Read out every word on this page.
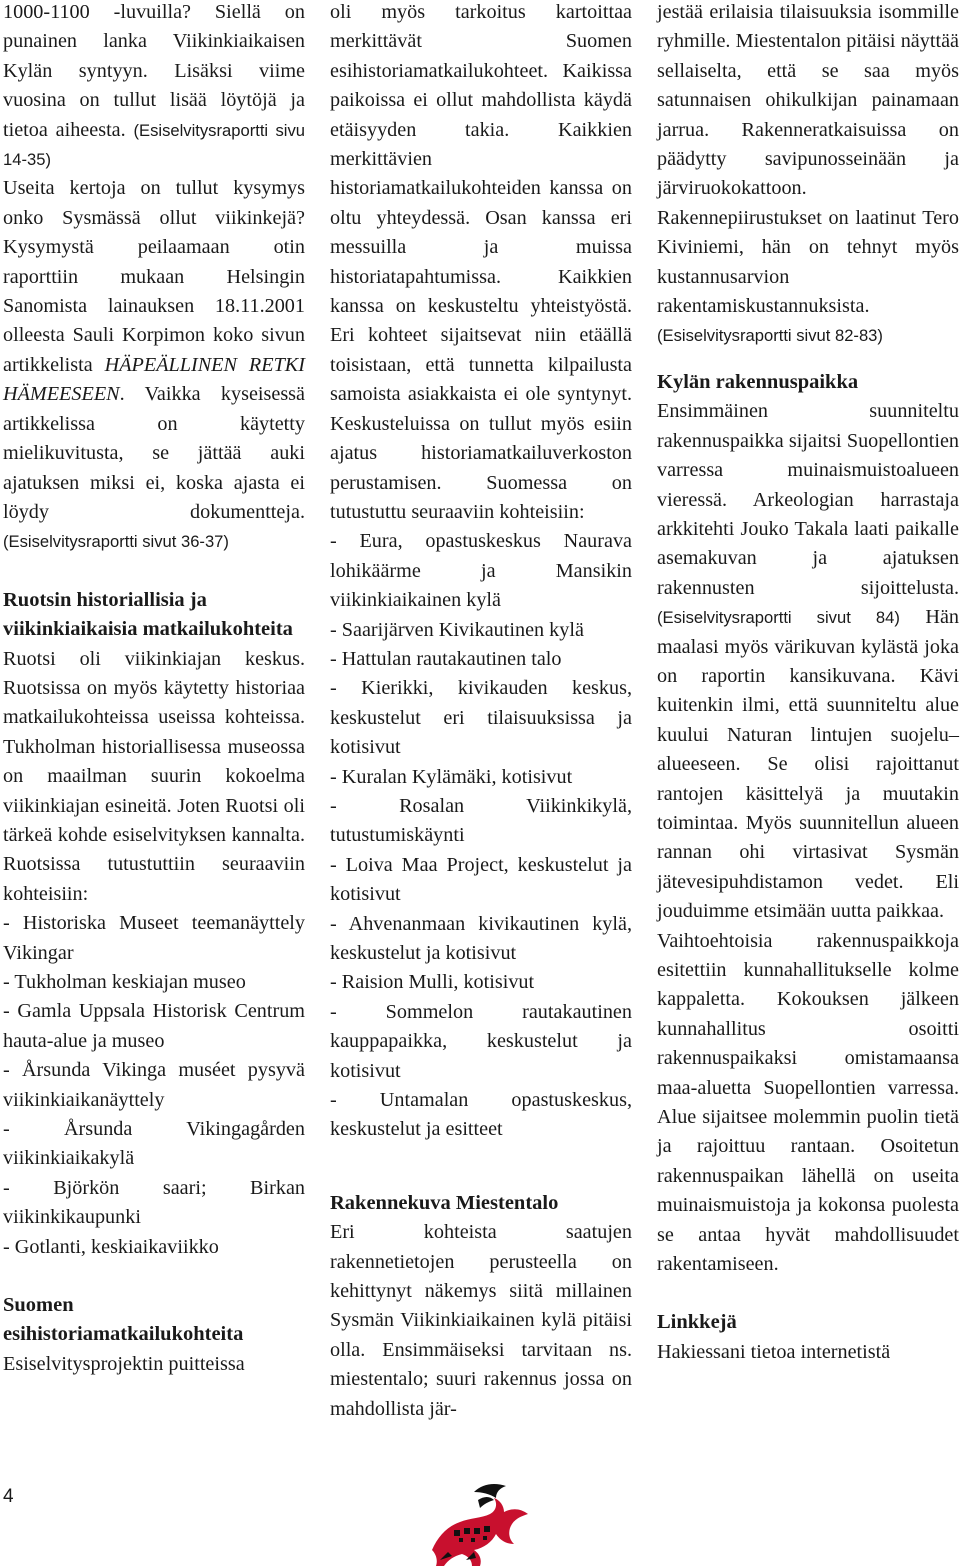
1000-1100 -luvuilla? Siellä on punainen lanka Viikinkiaikaisen Kylän syntyyn. Lisäksi viime vuosina on tullut lisää löytöjä ja tietoa aiheesta. (Esiselvitysraportti sivu 14-35)

Useita kertoja on tullut kysymys onko Sysmässä ollut viikinkejä? Kysymystä peilaamaan otin raporttiin mukaan Helsingin Sanomista lainauksen 18.11.2001 olleesta Sauli Korpimon koko sivun artikkelista HÄPEÄLLINEN RETKI HÄMEESEEN. Vaikka kyseisessä artikkelissa on käytetty mielikuvitusta, se jättää auki ajatuksen miksi ei, koska ajasta ei löydy dokumentteja. (Esiselvitysraportti sivut 36-37)

Ruotsin historiallisia ja viikinkiaikaisia matkailukohteita

Ruotsi oli viikinkiajan keskus. Ruotsissa on myös käytetty historiaa matkailukohteissa useissa kohteissa. Tukholman historiallisessa museossa on maailman suurin kokoelma viikinkiajan esineitä. Joten Ruotsi oli tärkeä kohde esiselvityksen kannalta. Ruotsissa tutustuttiin seuraaviin kohteisiin:

- Historiska Museet teemanäyttely Vikingar

- Tukholman keskiajan museo

- Gamla Uppsala Historisk Centrum hauta-alue ja museo

- Årsunda Vikinga muséet pysyvä viikinkiaikanäyttely

- Årsunda Vikingagården viikinkiaikakylä

- Björkön saari; Birkan viikinkikaupunki

- Gotlanti, keskiaikaviikko

Suomen esihistoriamatkailukohteita

Esiselvitysprojektin puitteissa

oli myös tarkoitus kartoittaa merkittävät Suomen esihistoriamatkailukohteet. Kaikissa paikoissa ei ollut mahdollista käydä etäisyyden takia. Kaikkien merkittävien historiamatkailukohteiden kanssa on oltu yhteydessä. Osan kanssa eri messuilla ja muissa historiatapahtumissa. Kaikkien kanssa on keskusteltu yhteistyöstä. Eri kohteet sijaitsevat niin etäällä toisistaan, että tunnetta kilpailusta samoista asiakkaista ei ole syntynyt. Keskusteluissa on tullut myös esiin ajatus historiamatkailuverkoston perustamisen. Suomessa on tutustuttu seuraaviin kohteisiin:

- Eura, opastuskeskus Naurava lohikäärme ja Mansikin viikinkiaikainen kylä

- Saarijärven Kivikautinen kylä

- Hattulan rautakautinen talo

- Kierikki, kivikauden keskus, keskustelut eri tilaisuuksissa ja kotisivut

- Kuralan Kylämäki, kotisivut

- Rosalan Viikinkikylä, tutustumiskäynti

- Loiva Maa Project, keskustelut ja kotisivut

- Ahvenanmaan kivikautinen kylä, keskustelut ja kotisivut

- Raision Mulli, kotisivut

- Sommelon rautakautinen kauppapaikka, keskustelut ja kotisivut

- Untamalan opastuskeskus, keskustelut ja esitteet

Rakennekuva Miestentalo

Eri kohteista saatujen rakennetietojen perusteella on kehittynyt näkemys siitä millainen Sysmän Viikinkiaikainen kylä pitäisi olla. Ensimmäiseksi tarvitaan ns. miestentalo; suuri rakennus jossa on mahdollista jär-

jestää erilaisia tilaisuuksia isommille ryhmille. Miestentalon pitäisi näyttää sellaiselta, että se saa myös satunnaisen ohikulkijan painamaan jarrua. Rakenneratkaisuissa on päädytty savipunosseinään ja järviruokokattoon. Rakennepiirustukset on laatinut Tero Kiviniemi, hän on tehnyt myös kustannusarvion rakentamiskustannuksista. (Esiselvitysraportti sivut 82-83)

Kylän rakennuspaikka

Ensimmäinen suunniteltu rakennuspaikka sijaitsi Suopellontien varressa muinaismuistoalueen vieressä. Arkeologian harrastaja arkkitehti Jouko Takala laati paikalle asemakuvan ja ajatuksen rakennusten sijoittelusta. (Esiselvitysraportti sivut 84) Hän maalasi myös värikuvan kylästä joka on raportin kansikuvana. Kävi kuitenkin ilmi, että suunniteltu alue kuului Naturan lintujen suojelu–alueeseen. Se olisi rajoittanut rantojen käsittelyä ja muutakin toimintaa. Myös suunnitellun alueen rannan ohi virtasivat Sysmän jätevesipuhdistamon vedet. Eli jouduimme etsimään uutta paikkaa.

Vaihtoehtoisia rakennuspaikkoja esitettiin kunnahallitukselle kolme kappaletta. Kokouksen jälkeen kunnahallitus osoitti rakennuspaikaksi omistamaansa maa-aluetta Suopellontien varressa. Alue sijaitsee molemmin puolin tietä ja rajoittuu rantaan. Osoitetun rakennuspaikan lähellä on useita muinaismuistoja ja kokonsa puolesta se antaa hyvät mahdollisuudet rakentamiseen.

Linkkejä

Hakiessani tietoa internetistä

4
